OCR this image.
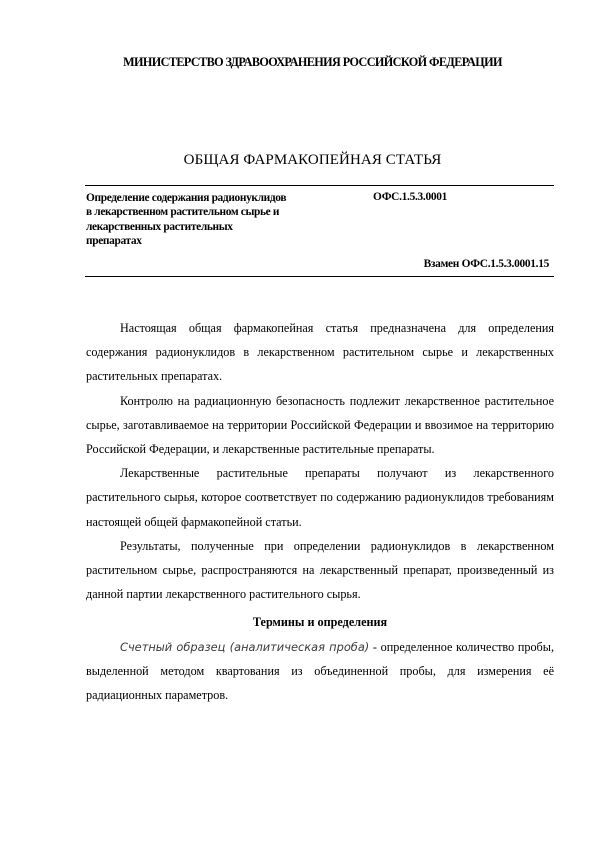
МИНИСТЕРСТВО ЗДРАВООХРАНЕНИЯ РОССИЙСКОЙ ФЕДЕРАЦИИ
ОБЩАЯ ФАРМАКОПЕЙНАЯ СТАТЬЯ
Определение содержания радионуклидов
в лекарственном растительном сырье и
лекарственных растительных
препаратах
ОФС.1.5.3.0001
Взамен ОФС.1.5.3.0001.15

Настоящая общая фармакопейная статья предназначена для определения содержания радионуклидов в лекарственном растительном сырье и лекарственных растительных препаратах.

Контролю на радиационную безопасность подлежит лекарственное растительное сырье, заготавливаемое на территории Российской Федерации и ввозимое на территорию Российской Федерации, и лекарственные растительные препараты.

Лекарственные растительные препараты получают из лекарственного растительного сырья, которое соответствует по содержанию радионуклидов требованиям настоящей общей фармакопейной статьи.

Результаты, полученные при определении радионуклидов в лекарственном растительном сырье, распространяются на лекарственный препарат, произведенный из данной партии лекарственного растительного сырья.

Термины и определения

Счетный образец (аналитическая проба) - определенное количество пробы, выделенной методом квартования из объединенной пробы, для измерения её радиационных параметров.
